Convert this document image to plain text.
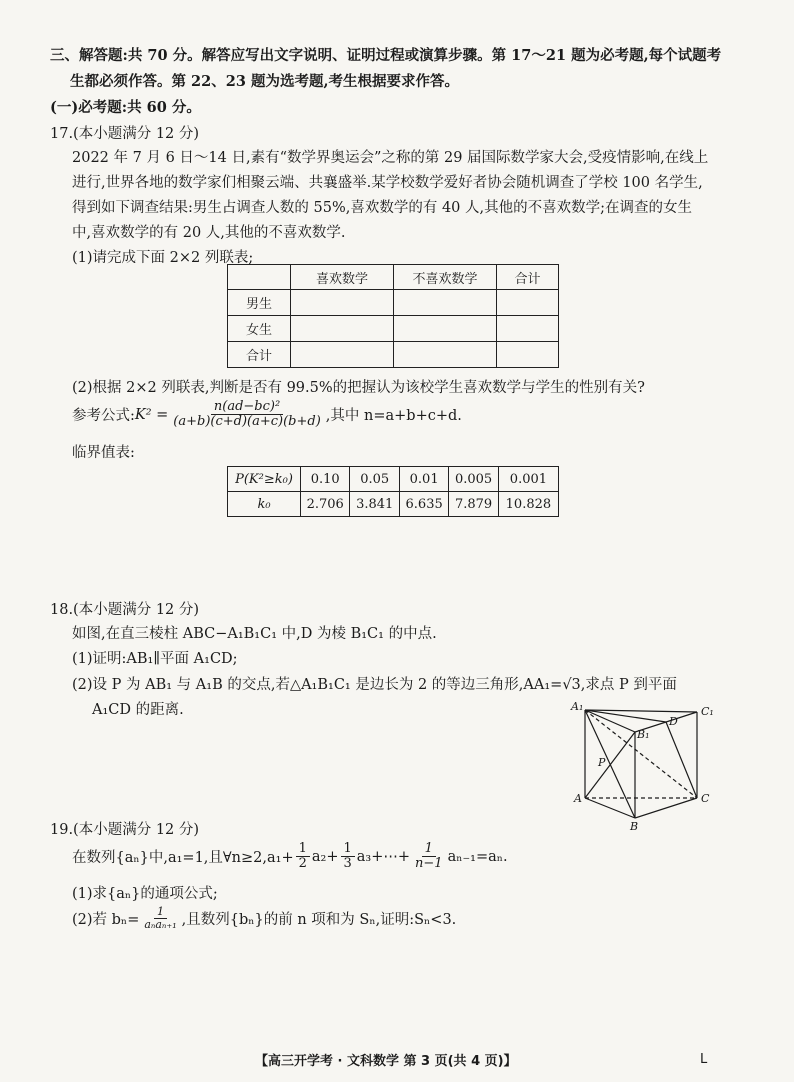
三、解答题:共 70 分。解答应写出文字说明、证明过程或演算步骤。第 17～21 题为必考题,每个试题考
生都必须作答。第 22、23 题为选考题,考生根据要求作答。
(一)必考题:共 60 分。
17.(本小题满分 12 分)
2022 年 7 月 6 日～14 日,素有“数学界奥运会”之称的第 29 届国际数学家大会,受疫情影响,在线上
进行,世界各地的数学家们相聚云端、共襄盛举.某学校数学爱好者协会随机调查了学校 100 名学生,
得到如下调查结果:男生占调查人数的 55%,喜欢数学的有 40 人,其他的不喜欢数学;在调查的女生
中,喜欢数学的有 20 人,其他的不喜欢数学.
(1)请完成下面 2×2 列联表;
	喜欢数学	不喜欢数学	合计
男生			
女生			
合计			
(2)根据 2×2 列联表,判断是否有 99.5%的把握认为该校学生喜欢数学与学生的性别有关?
参考公式: $K^2 = \frac{\text{n(ad−bc)²}}{(a+b)(c+d)(a+c)(b+d)}$ ,其中 n=a+b+c+d.
临界值表:
P(K²≥k₀)	0.10	0.05	0.01	0.005	0.001
k₀	2.706	3.841	6.635	7.879	10.828
18.(本小题满分 12 分)
如图,在直三棱柱 ABC−A₁B₁C₁ 中,D 为棱 B₁C₁ 的中点.
(1)证明:AB₁∥平面 A₁CD;
(2)设 P 为 AB₁ 与 A₁B 的交点,若△A₁B₁C₁ 是边长为 2 的等边三角形,AA₁=√3,求点 P 到平面
A₁CD 的距离.	A₁	C₁
B₁
D
P
A
B
C
19.(本小题满分 12 分)
在数列{aₙ}中,a₁=1,且∀n≥2,a₁+ $\frac{1}{2} a_2+ \frac{1}{3}$ a₃+⋯+ $\frac{1}{n-1} a_{n-1}=a_n$.
(1)求{aₙ}的通项公式;
(2)若 $b_n= \frac{1}{\text{aₙaₙ₊₁}}$ ,且数列{bₙ}的前 n 项和为 Sₙ,证明:Sₙ<3.
【高三开学考 · 文科数学 第 3 页(共 4 页)】	L
